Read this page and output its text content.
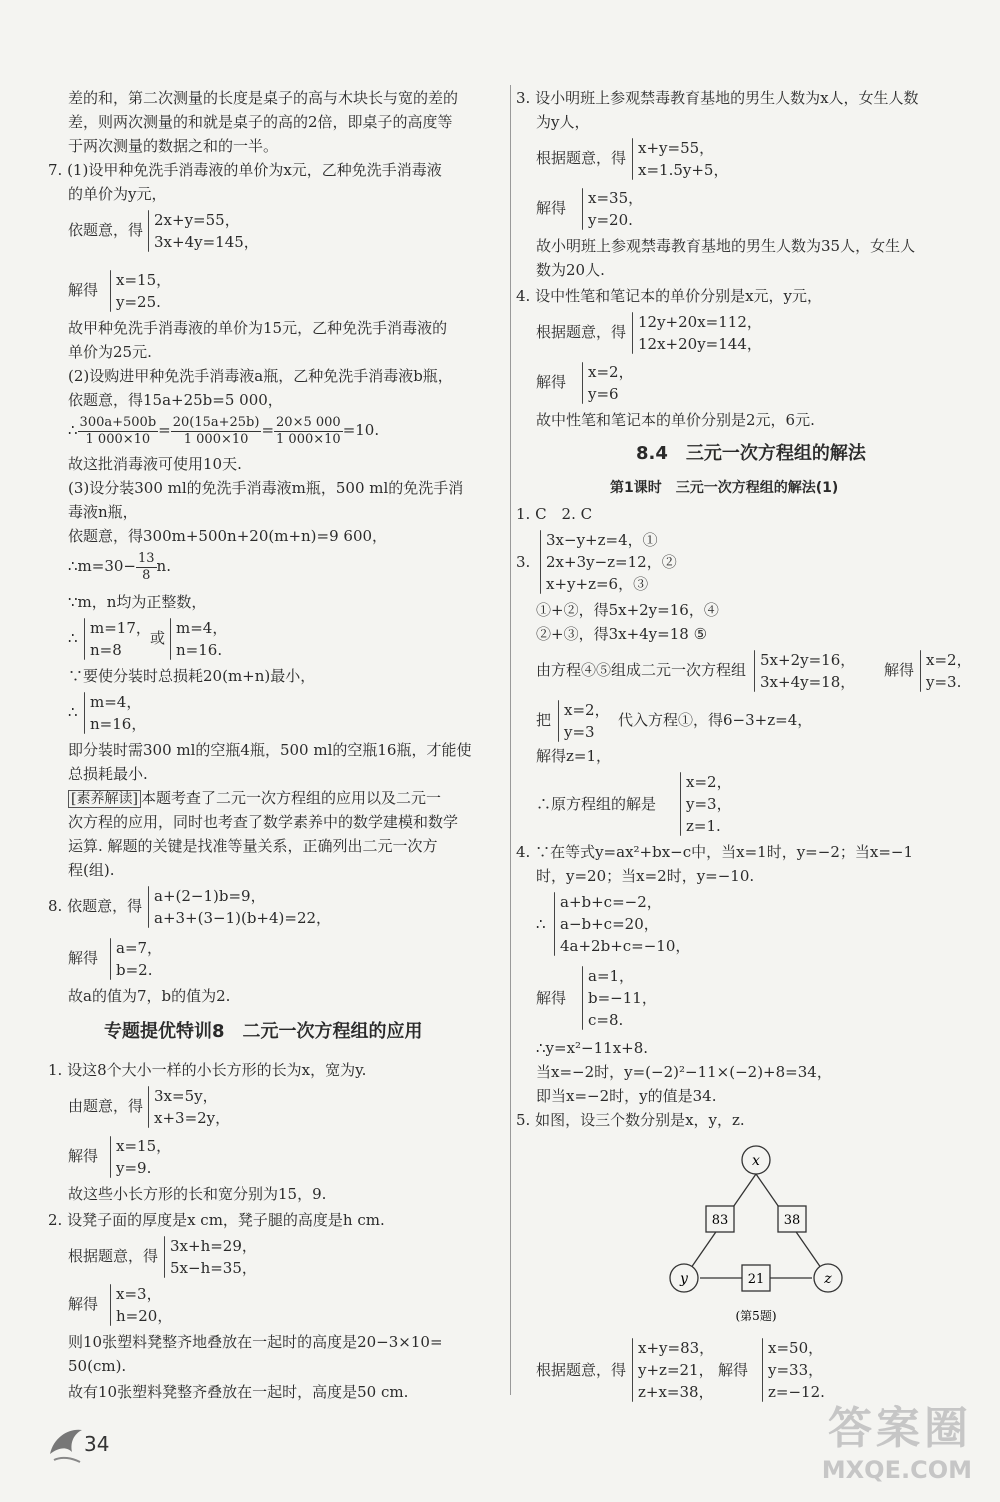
差的和，第二次测量的长度是桌子的高与木块长与宽的差的
差，则两次测量的和就是桌子的高的2倍，即桌子的高度等
于两次测量的数据之和的一半。
7. (1)设甲种免洗手消毒液的单价为x元，乙种免洗手消毒液
的单价为y元，
依题意，得
2x+y=55，
3x+4y=145，
解得
x=15，
y=25.
故甲种免洗手消毒液的单价为15元，乙种免洗手消毒液的
单价为25元.
(2)设购进甲种免洗手消毒液a瓶，乙种免洗手消毒液b瓶，
依题意，得15a+25b=5 000，
∴ $\frac{300a+500b}{1 000\times 10} = \frac{20(15a+25b)}{1 000\times 10} = \frac{20\times 5 000}{1 000\times 10} =10$.
故这批消毒液可使用10天.
(3)设分装300 ml的免洗手消毒液m瓶，500 ml的免洗手消
毒液n瓶，
依题意，得300m+500n+20(m+n)=9 600，
∴m=30− $\frac{13}{8} n$.
∵m，n均为正整数，
∴
m=17，
n=8
或
m=4，
n=16.
∵要使分装时总损耗20(m+n)最小，
∴
m=4，
n=16，
即分装时需300 ml的空瓶4瓶，500 ml的空瓶16瓶，才能使
总损耗最小.
[素养解读] 本题考查了二元一次方程组的应用以及二元一
次方程的应用，同时也考查了数学素养中的数学建模和数学
运算. 解题的关键是找准等量关系，正确列出二元一次方
程(组).
8. 依题意，得
a+(2−1)b=9，
a+3+(3−1)(b+4)=22，
解得
a=7，
b=2.
故a的值为7，b的值为2.
专题提优特训8　二元一次方程组的应用
1. 设这8个大小一样的小长方形的长为x，宽为y.
由题意，得
3x=5y，
x+3=2y，
解得
x=15，
y=9.
故这些小长方形的长和宽分别为15，9.
2. 设凳子面的厚度是x cm，凳子腿的高度是h cm.
根据题意，得
3x+h=29，
5x−h=35，
解得
x=3，
h=20，
则10张塑料凳整齐地叠放在一起时的高度是20−3×10=
50(cm).
故有10张塑料凳整齐叠放在一起时，高度是50 cm.
3. 设小明班上参观禁毒教育基地的男生人数为x人，女生人数
为y人，
根据题意，得
x+y=55，
x=1.5y+5，
解得
x=35，
y=20.
故小明班上参观禁毒教育基地的男生人数为35人，女生人
数为20人.
4. 设中性笔和笔记本的单价分别是x元，y元，
根据题意，得
12y+20x=112，
12x+20y=144，
解得
x=2，
y=6
故中性笔和笔记本的单价分别是2元，6元.
8.4　三元一次方程组的解法
第1课时　三元一次方程组的解法(1)
1. C　2. C
3.
3x−y+z=4，①
2x+3y−z=12，②
x+y+z=6，③
①+②，得5x+2y=16，④
②+③，得3x+4y=18 ⑤
由方程④⑤组成二元一次方程组
5x+2y=16，
3x+4y=18，
解得
x=2，
y=3.
把
x=2，
y=3
代入方程①，得6−3+z=4，
解得z=1，
∴原方程组的解是
x=2，
y=3，
z=1.
4. ∵在等式y=ax²+bx−c中，当x=1时，y=−2；当x=−1
时，y=20；当x=2时，y=−10.
∴
a+b+c=−2，
a−b+c=20，
4a+2b+c=−10，
解得
a=1，
b=−11，
c=8.
∴y=x²−11x+8.
当x=−2时，y=(−2)²−11×(−2)+8=34，
即当x=−2时，y的值是34.
5. 如图，设三个数分别是x，y，z.
x
y	z
83	38
21
(第5题)
根据题意，得
x+y=83，
y+z=21，
z+x=38，
解得
x=50，
y=33，
z=−12.
34	答案圈
MXQE.COM
